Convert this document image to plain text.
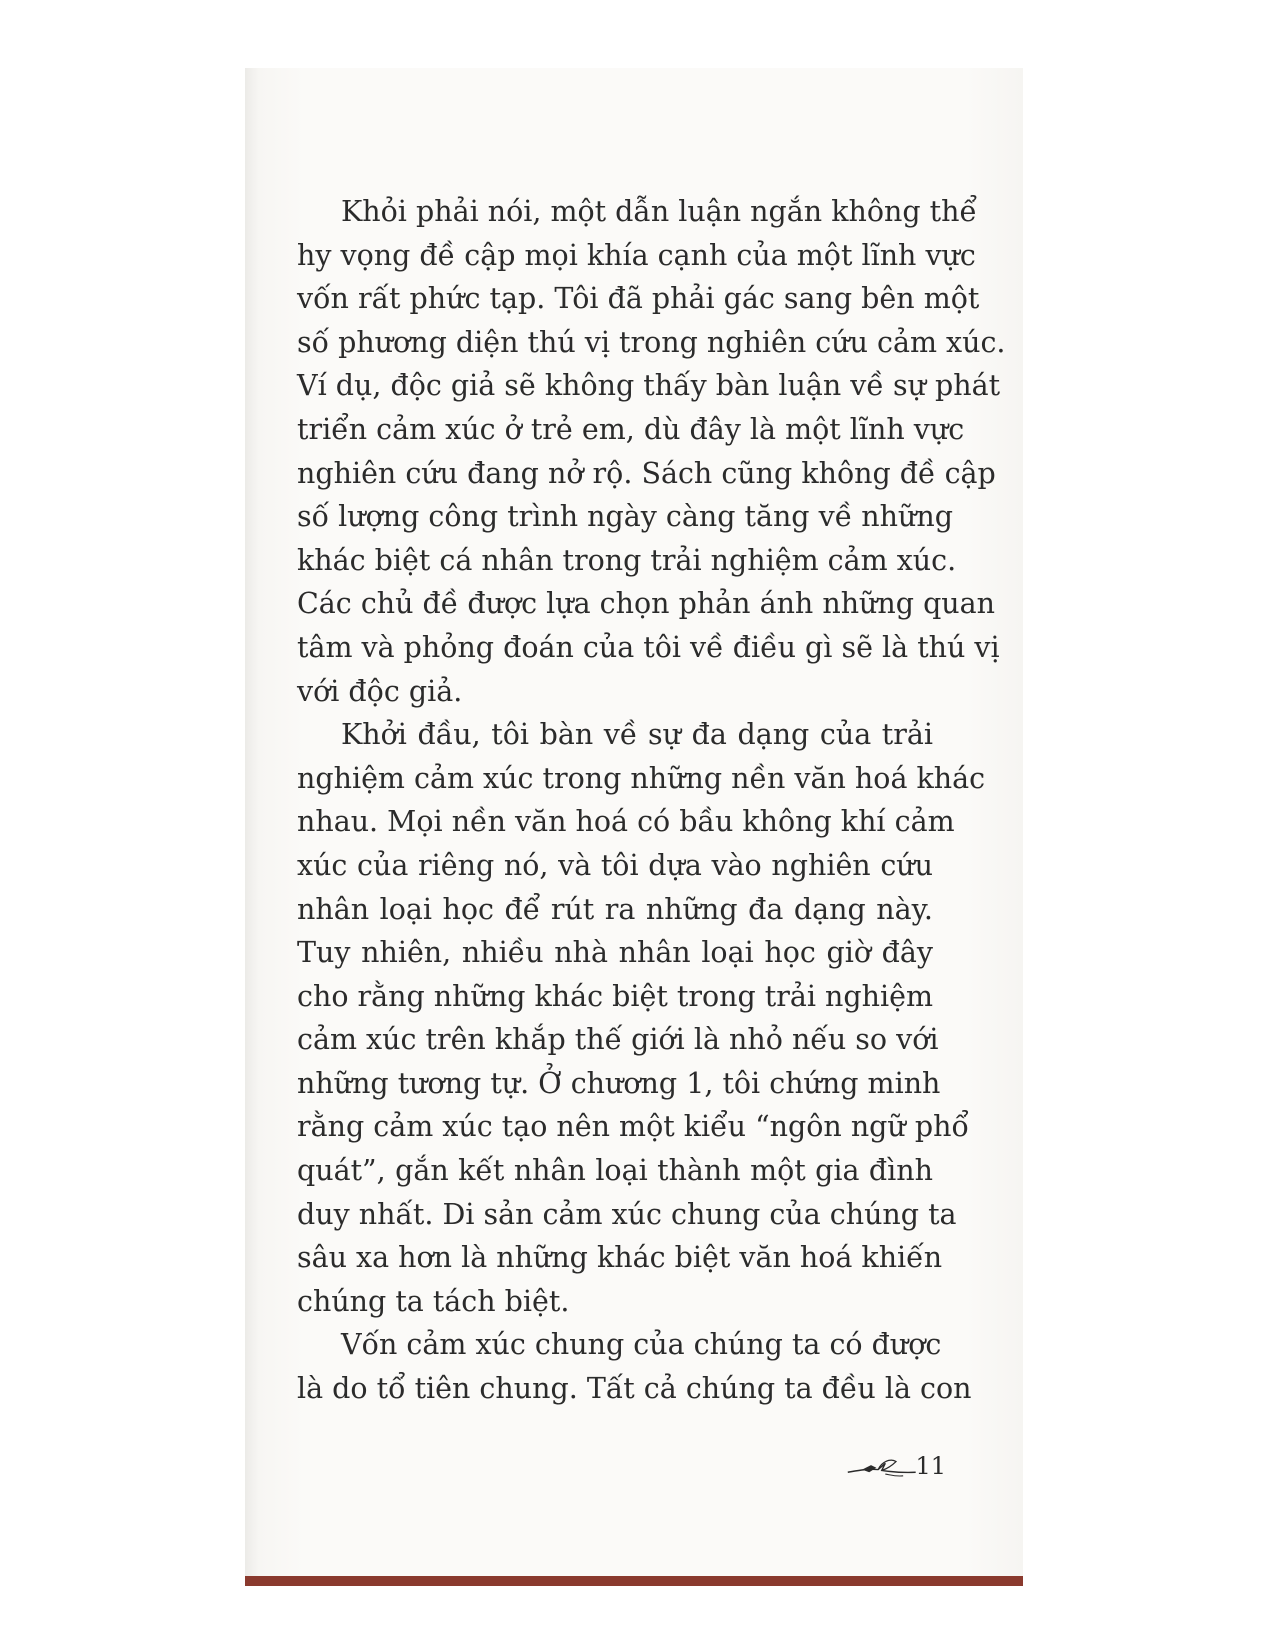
Khỏi phải nói, một dẫn luận ngắn không thể
hy vọng đề cập mọi khía cạnh của một lĩnh vực
vốn rất phức tạp. Tôi đã phải gác sang bên một
số phương diện thú vị trong nghiên cứu cảm xúc.
Ví dụ, độc giả sẽ không thấy bàn luận về sự phát
triển cảm xúc ở trẻ em, dù đây là một lĩnh vực
nghiên cứu đang nở rộ. Sách cũng không đề cập
số lượng công trình ngày càng tăng về những
khác biệt cá nhân trong trải nghiệm cảm xúc.
Các chủ đề được lựa chọn phản ánh những quan
tâm và phỏng đoán của tôi về điều gì sẽ là thú vị
với độc giả.
Khởi đầu, tôi bàn về sự đa dạng của trải
nghiệm cảm xúc trong những nền văn hoá khác
nhau. Mọi nền văn hoá có bầu không khí cảm
xúc của riêng nó, và tôi dựa vào nghiên cứu
nhân loại học để rút ra những đa dạng này.
Tuy nhiên, nhiều nhà nhân loại học giờ đây
cho rằng những khác biệt trong trải nghiệm
cảm xúc trên khắp thế giới là nhỏ nếu so với
những tương tự. Ở chương 1, tôi chứng minh
rằng cảm xúc tạo nên một kiểu “ngôn ngữ phổ
quát”, gắn kết nhân loại thành một gia đình
duy nhất. Di sản cảm xúc chung của chúng ta
sâu xa hơn là những khác biệt văn hoá khiến
chúng ta tách biệt.
Vốn cảm xúc chung của chúng ta có được
là do tổ tiên chung. Tất cả chúng ta đều là con
11
